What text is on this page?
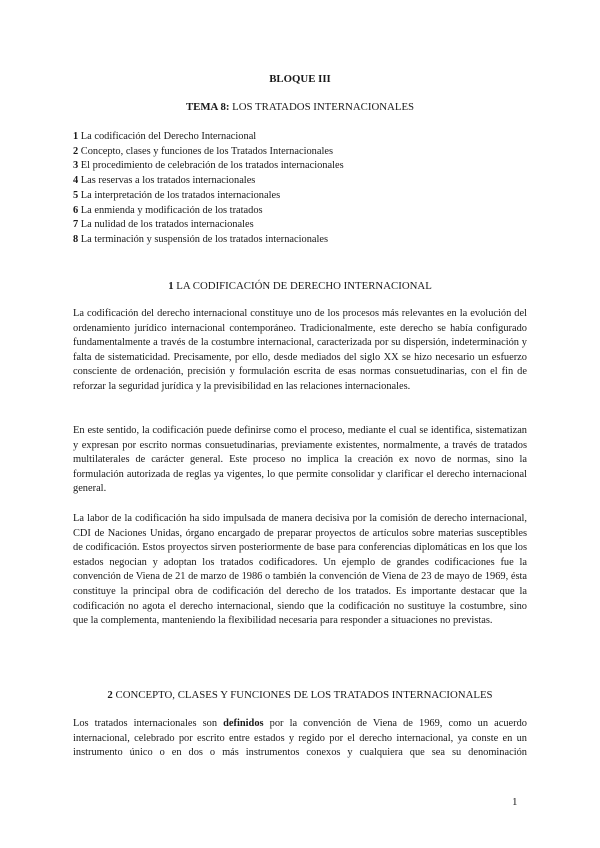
BLOQUE III
TEMA 8: LOS TRATADOS INTERNACIONALES
1 La codificación del Derecho Internacional
2 Concepto, clases y funciones de los Tratados Internacionales
3 El procedimiento de celebración de los tratados internacionales
4 Las reservas a los tratados internacionales
5 La interpretación de los tratados internacionales
6 La enmienda y modificación de los tratados
7 La nulidad de los tratados internacionales
8 La terminación y suspensión de los tratados internacionales
1 LA CODIFICACIÓN DE DERECHO INTERNACIONAL

La codificación del derecho internacional constituye uno de los procesos más relevantes en la evolución del ordenamiento jurídico internacional contemporáneo. Tradicionalmente, este derecho se había configurado fundamentalmente a través de la costumbre internacional, caracterizada por su dispersión, indeterminación y falta de sistematicidad. Precisamente, por ello, desde mediados del siglo XX se hizo necesario un esfuerzo consciente de ordenación, precisión y formulación escrita de esas normas consuetudinarias, con el fin de reforzar la seguridad jurídica y la previsibilidad en las relaciones internacionales.

En este sentido, la codificación puede definirse como el proceso, mediante el cual se identifica, sistematizan y expresan por escrito normas consuetudinarias, previamente existentes, normalmente, a través de tratados multilaterales de carácter general. Este proceso no implica la creación ex novo de normas, sino la formulación autorizada de reglas ya vigentes, lo que permite consolidar y clarificar el derecho internacional general.

La labor de la codificación ha sido impulsada de manera decisiva por la comisión de derecho internacional, CDI de Naciones Unidas, órgano encargado de preparar proyectos de artículos sobre materias susceptibles de codificación. Estos proyectos sirven posteriormente de base para conferencias diplomáticas en los que los estados negocian y adoptan los tratados codificadores. Un ejemplo de grandes codificaciones fue la convención de Viena de 21 de marzo de 1986 o también la convención de Viena de 23 de mayo de 1969, ésta constituye la principal obra de codificación del derecho de los tratados. Es importante destacar que la codificación no agota el derecho internacional, siendo que la codificación no sustituye la costumbre, sino que la complementa, manteniendo la flexibilidad necesaria para responder a situaciones no previstas.

2 CONCEPTO, CLASES Y FUNCIONES DE LOS TRATADOS INTERNACIONALES

Los tratados internacionales son definidos por la convención de Viena de 1969, como un acuerdo internacional, celebrado por escrito entre estados y regido por el derecho internacional, ya conste en un instrumento único o en dos o más instrumentos conexos y cualquiera que sea su denominación

1
